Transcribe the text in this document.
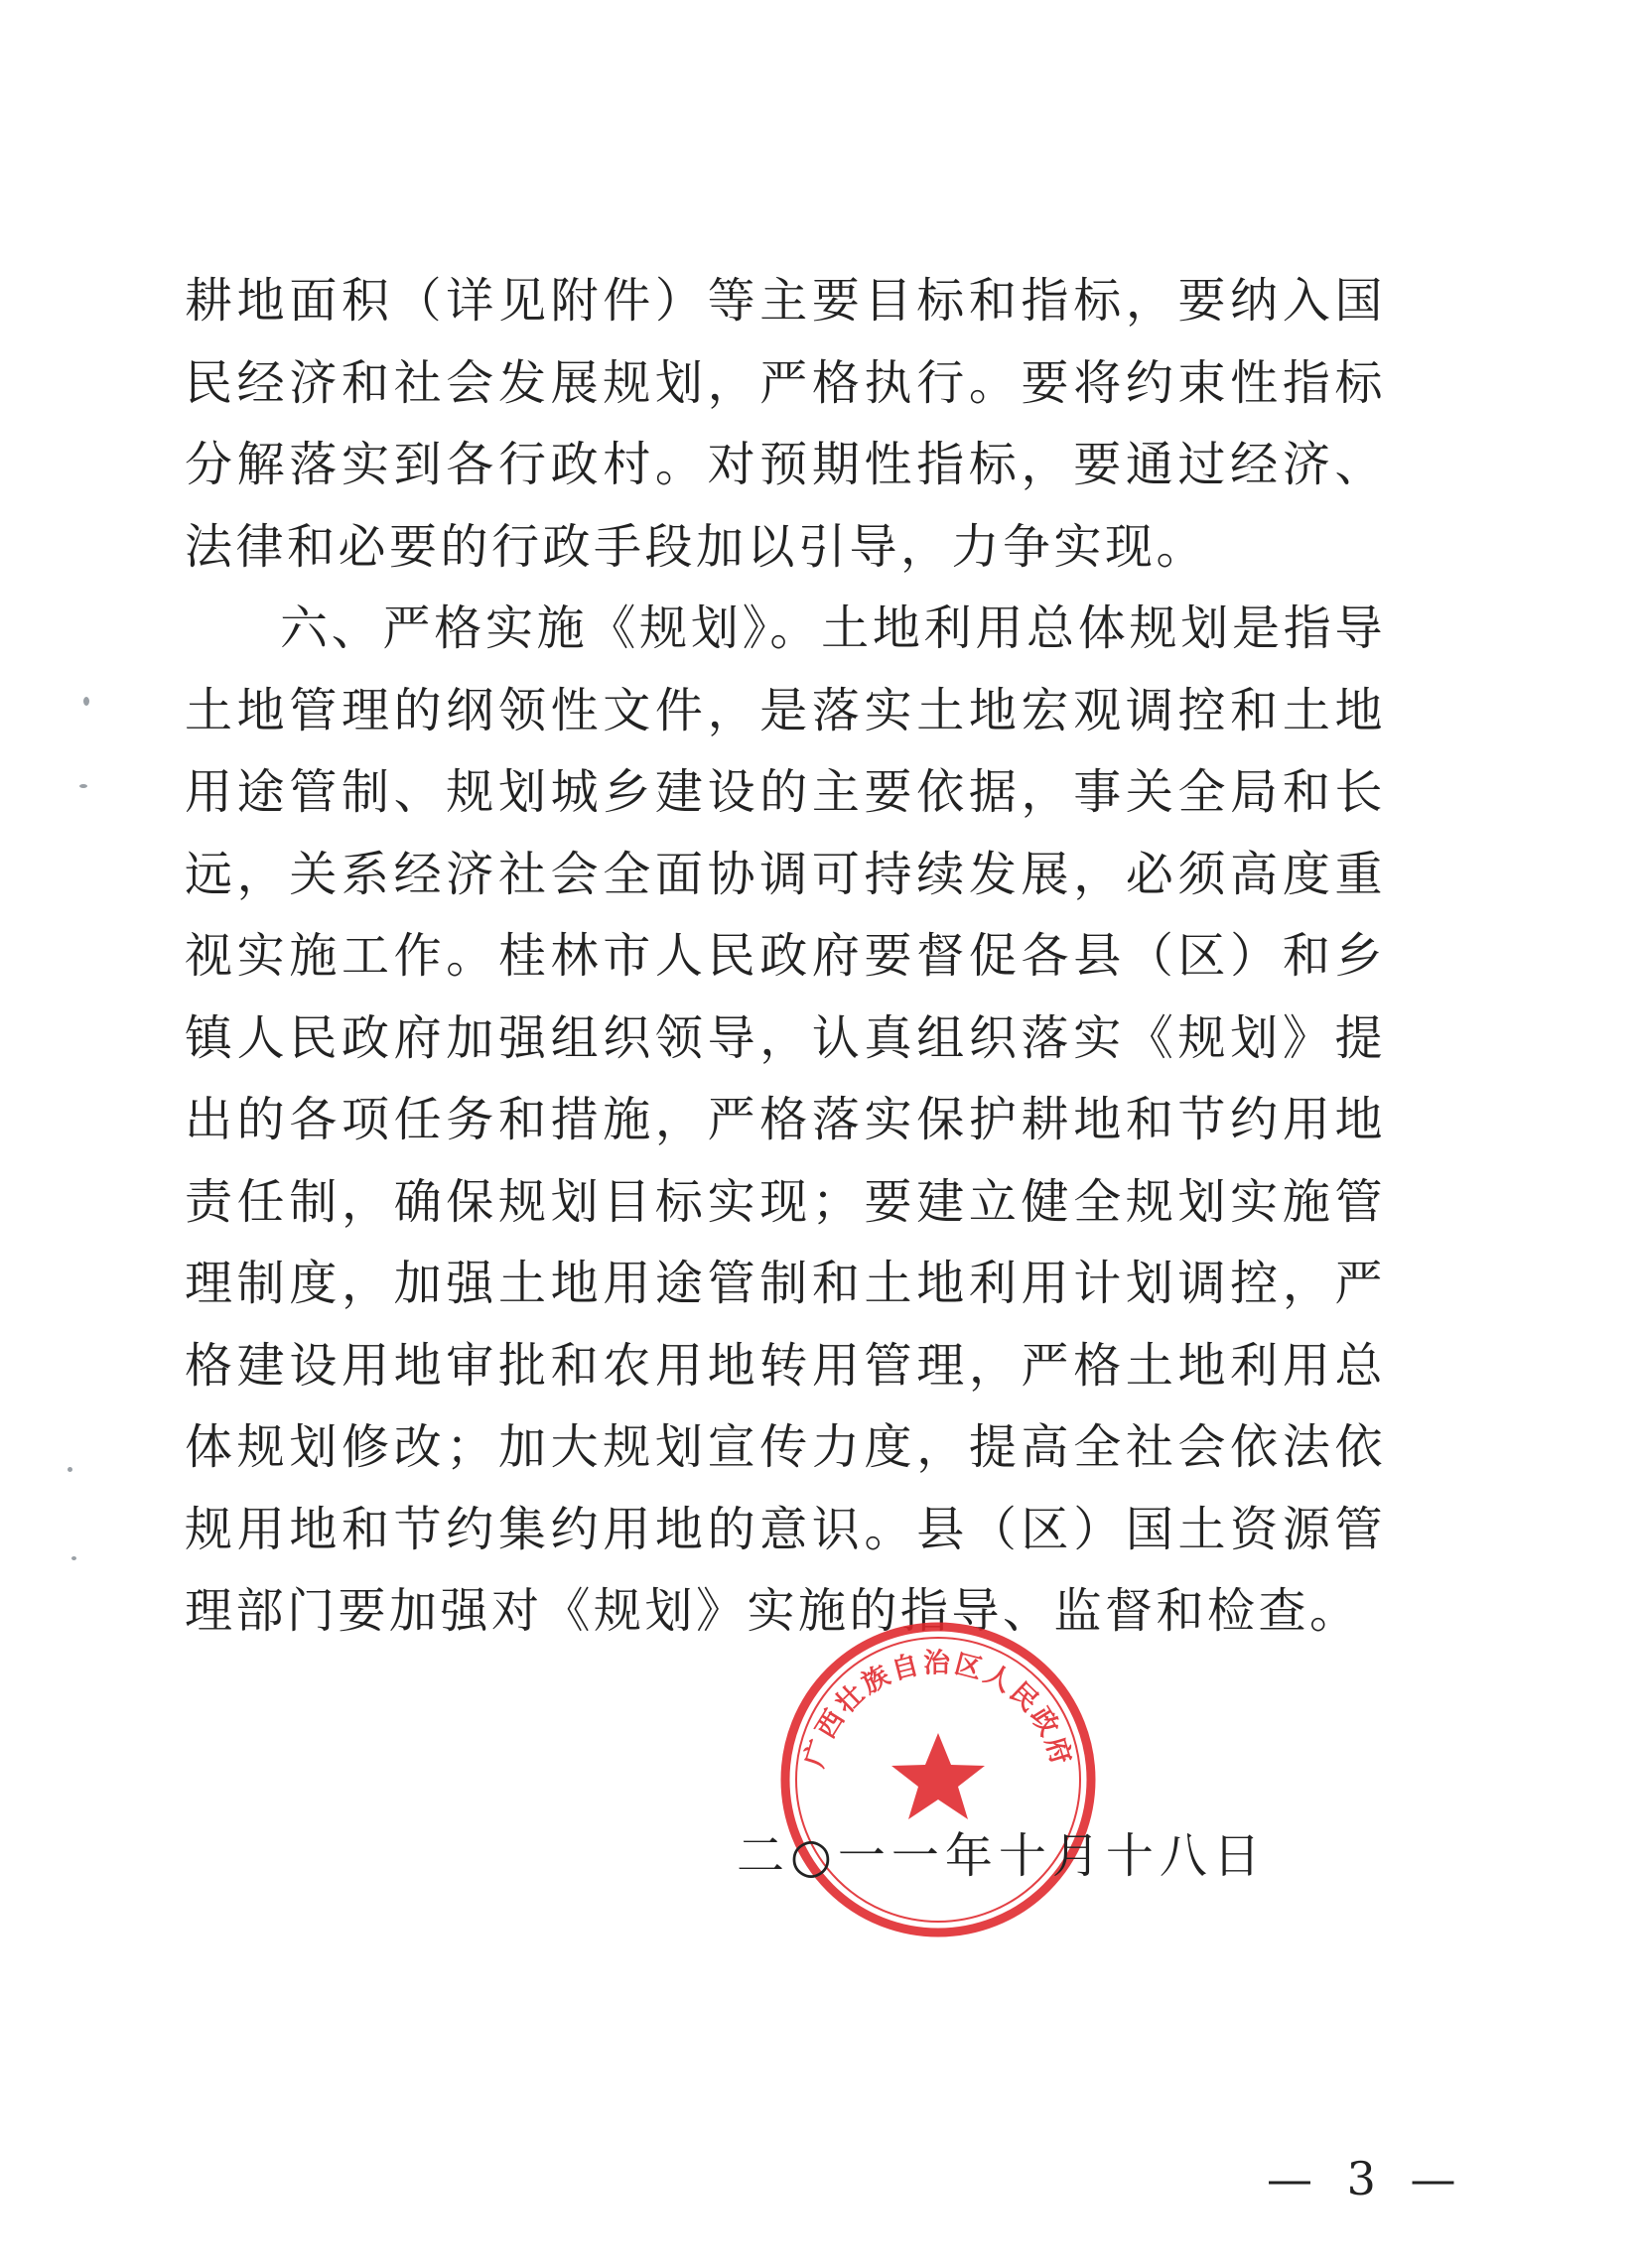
耕地面积（详见附件）等主要目标和指标，要纳入国民经济和社会发展规划，严格执行。要将约束性指标分解落实到各行政村。对预期性指标，要通过经济、法律和必要的行政手段加以引导，力争实现。

六、严格实施《规划》。土地利用总体规划是指导土地管理的纲领性文件，是落实土地宏观调控和土地用途管制、规划城乡建设的主要依据，事关全局和长远，关系经济社会全面协调可持续发展，必须高度重视实施工作。桂林市人民政府要督促各县（区）和乡镇人民政府加强组织领导，认真组织落实《规划》提出的各项任务和措施，严格落实保护耕地和节约用地责任制，确保规划目标实现；要建立健全规划实施管理制度，加强土地用途管制和土地利用计划调控，严格建设用地审批和农用地转用管理，严格土地利用总体规划修改；加大规划宣传力度，提高全社会依法依规用地和节约集约用地的意识。县（区）国土资源管理部门要加强对《规划》实施的指导、监督和检查。

广西壮族自治区人民政府
二○一一年十月十八日
— 3 —
